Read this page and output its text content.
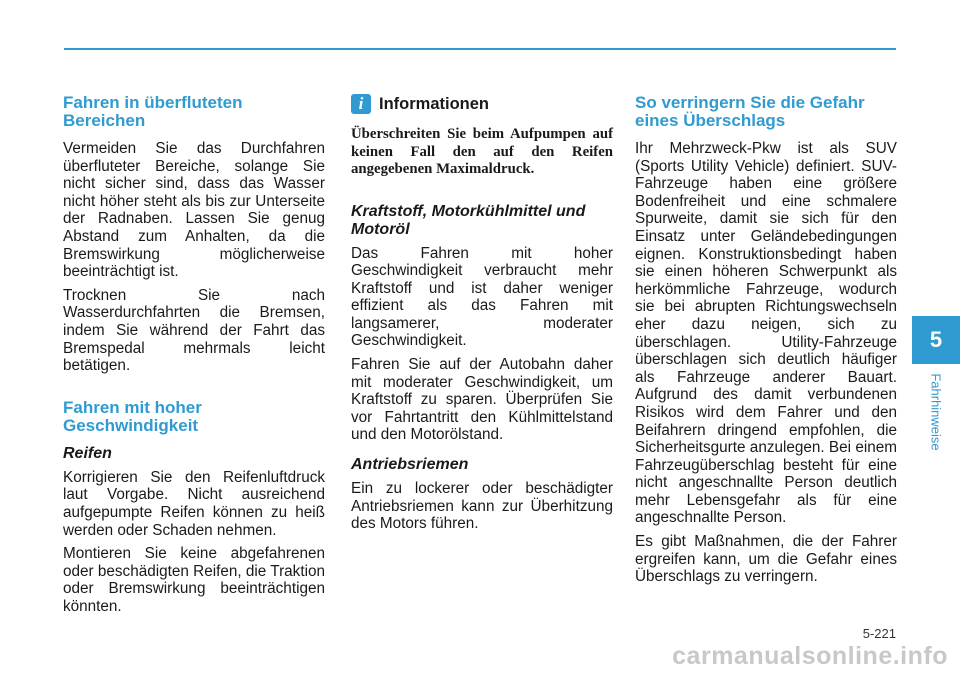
Fahren in überfluteten Bereichen

Vermeiden Sie das Durchfahren überfluteter Bereiche, solange Sie nicht sicher sind, dass das Wasser nicht höher steht als bis zur Unterseite der Radnaben. Lassen Sie genug Abstand zum Anhalten, da die Bremswirkung möglicherweise beeinträchtigt ist.

Trocknen Sie nach Wasserdurchfahrten die Bremsen, indem Sie während der Fahrt das Bremspedal mehrmals leicht betätigen.

Fahren mit hoher Geschwindigkeit
Reifen

Korrigieren Sie den Reifenluftdruck laut Vorgabe. Nicht ausreichend aufgepumpte Reifen können zu heiß werden oder Schaden nehmen.

Montieren Sie keine abgefahrenen oder beschädigten Reifen, die Traktion oder Bremswirkung beeinträchtigen könnten.

i Informationen
Überschreiten Sie beim Aufpumpen auf keinen Fall den auf den Reifen angegebenen Maximaldruck.
Kraftstoff, Motorkühlmittel und Motoröl

Das Fahren mit hoher Geschwindigkeit verbraucht mehr Kraftstoff und ist daher weniger effizient als das Fahren mit langsamerer, moderater Geschwindigkeit.

Fahren Sie auf der Autobahn daher mit moderater Geschwindigkeit, um Kraftstoff zu sparen. Überprüfen Sie vor Fahrtantritt den Kühlmittelstand und den Motorölstand.

Antriebsriemen

Ein zu lockerer oder beschädigter Antriebsriemen kann zur Überhitzung des Motors führen.

So verringern Sie die Gefahr eines Überschlags

Ihr Mehrzweck-Pkw ist als SUV (Sports Utility Vehicle) definiert. SUV-Fahrzeuge haben eine größere Bodenfreiheit und eine schmalere Spurweite, damit sie sich für den Einsatz unter Geländebedingungen eignen. Konstruktionsbedingt haben sie einen höheren Schwerpunkt als herkömmliche Fahrzeuge, wodurch sie bei abrupten Richtungswechseln eher dazu neigen, sich zu überschlagen. Utility-Fahrzeuge überschlagen sich deutlich häufiger als Fahrzeuge anderer Bauart. Aufgrund des damit verbundenen Risikos wird dem Fahrer und den Beifahrern dringend empfohlen, die Sicherheitsgurte anzulegen. Bei einem Fahrzeugüberschlag besteht für eine nicht angeschnallte Person deutlich mehr Lebensgefahr als für eine angeschnallte Person.

Es gibt Maßnahmen, die der Fahrer ergreifen kann, um die Gefahr eines Überschlags zu verringern.

5
Fahrhinweise
5-221
carmanualsonline.info
